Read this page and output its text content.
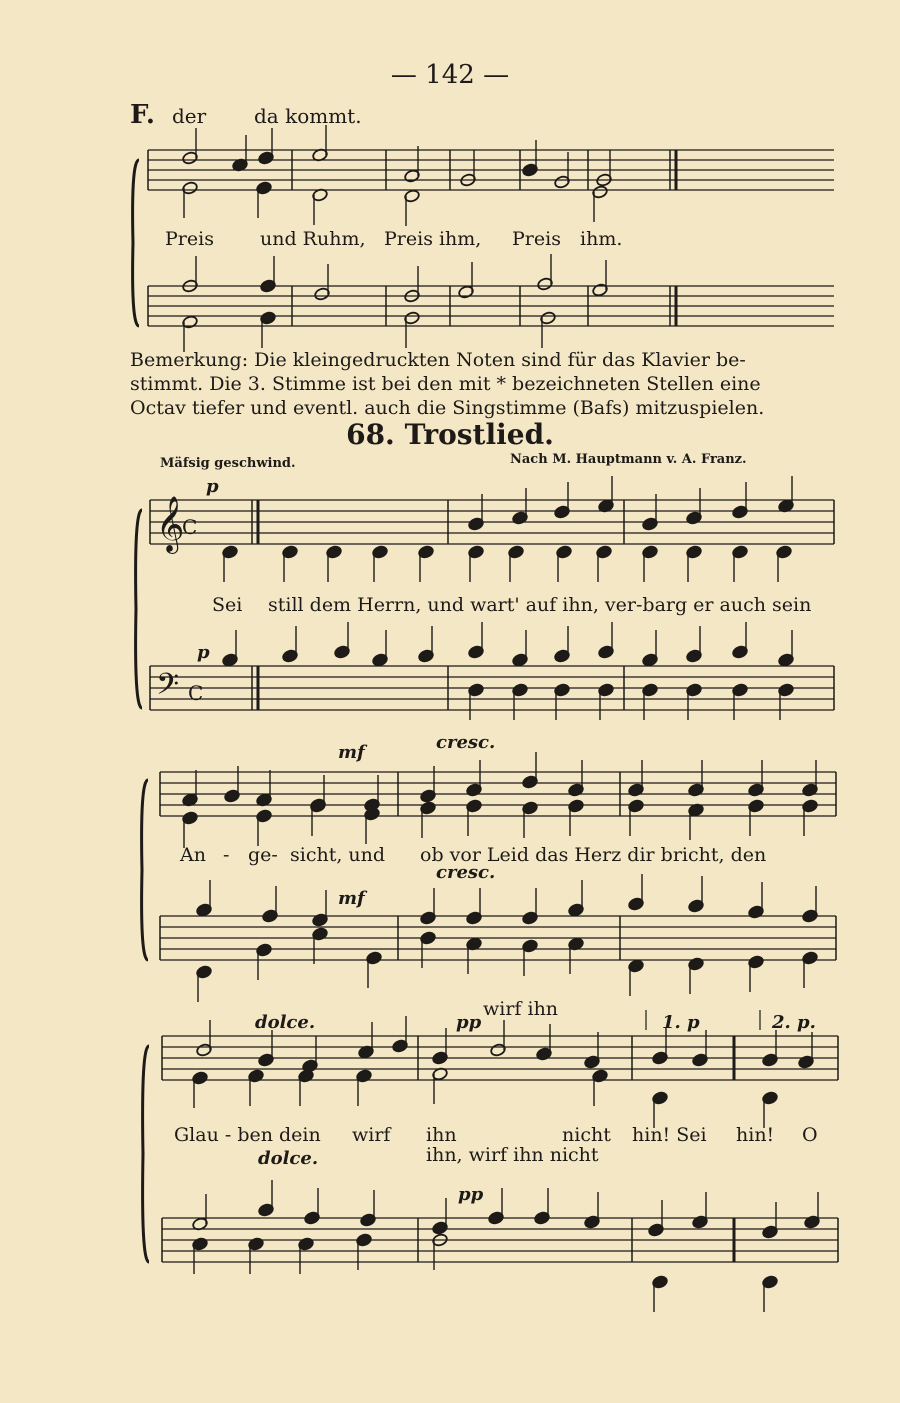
— 142 —
F. der da kommt.
𝄞
C
𝄢 C
Preis und Ruhm, Preis ihm, Preis ihm.
Bemerkung: Die kleingedruckten Noten sind für das Klavier be-
stimmt. Die 3. Stimme ist bei den mit * bezeichneten Stellen eine
Octav tiefer und eventl. auch die Singstimme (Bafs) mitzuspielen.
68. Trostlied.
Mäfsig geschwind.	Nach M. Hauptmann v. A. Franz.
p
Sei still dem Herrn, und wart' auf ihn, ver-barg er auch sein
p
mf	cresc.
An - ge- sicht, und ob vor Leid das Herz dir bricht, den
cresc.
mf
dolce.	pp
wirf ihn
1. p	2. p.
Glau - ben dein wirf ihn	nicht hin! Sei hin! O
dolce.	ihn, wirf ihn nicht
pp
